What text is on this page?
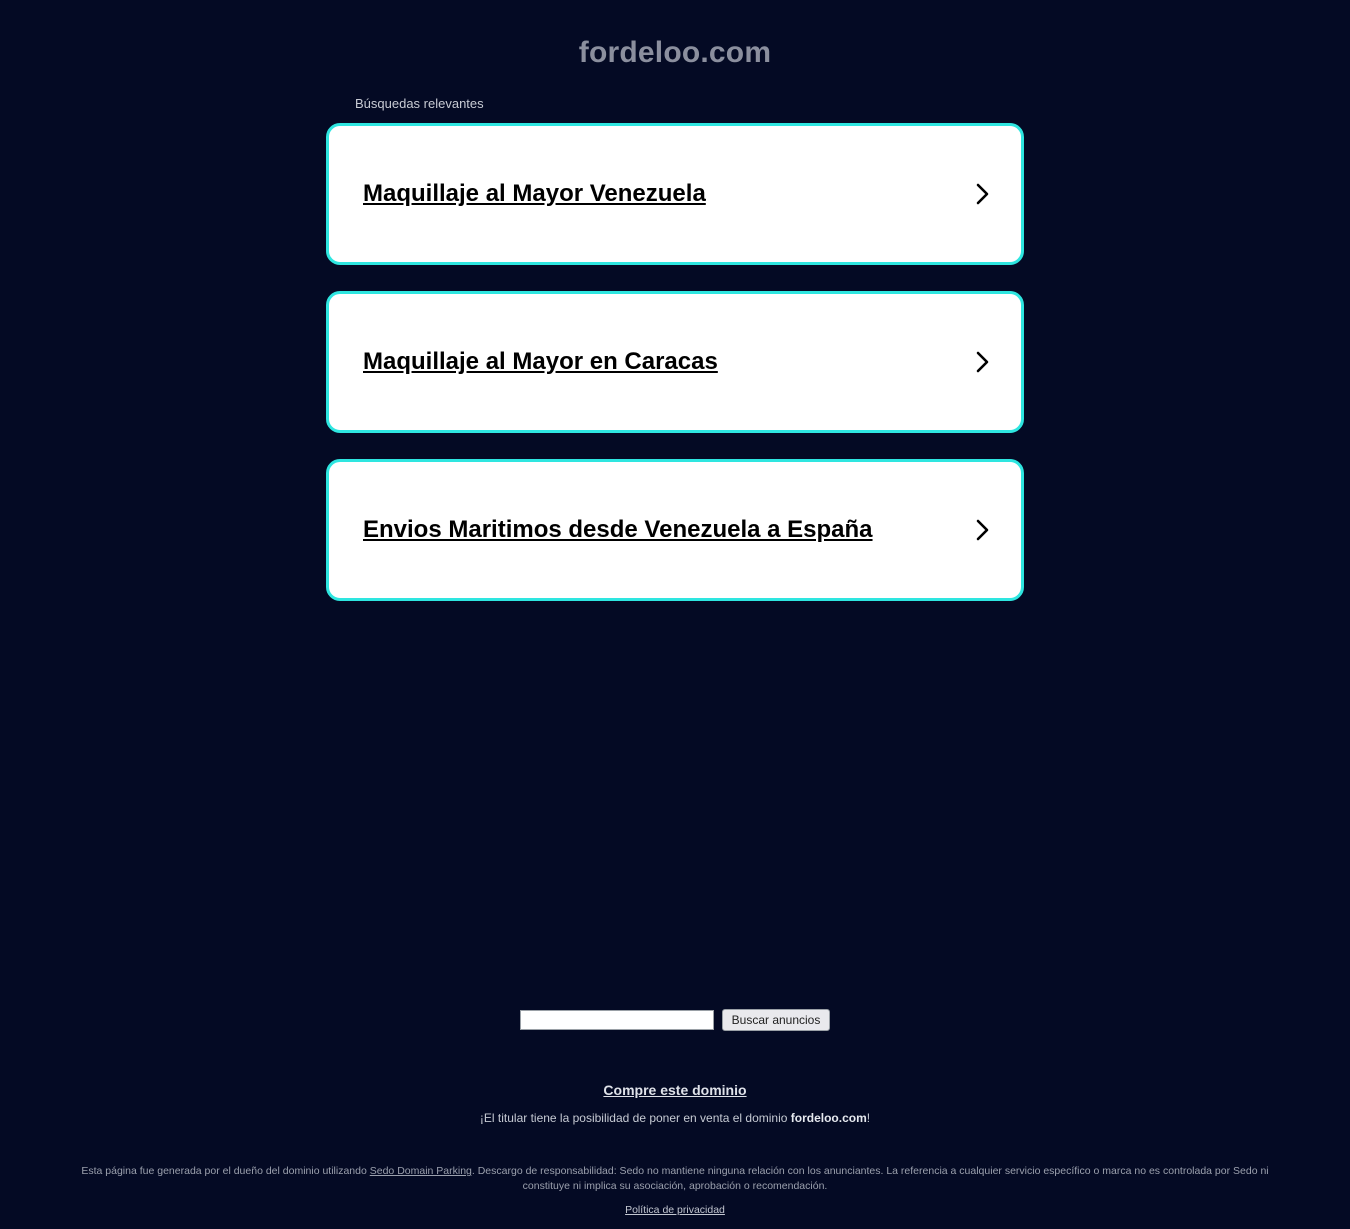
fordeloo.com
Búsquedas relevantes
Maquillaje al Mayor Venezuela
Maquillaje al Mayor en Caracas
Envios Maritimos desde Venezuela a España
Buscar anuncios
Compre este dominio
¡El titular tiene la posibilidad de poner en venta el dominio fordeloo.com!
Esta página fue generada por el dueño del dominio utilizando Sedo Domain Parking. Descargo de responsabilidad: Sedo no mantiene ninguna relación con los anunciantes. La referencia a cualquier servicio específico o marca no es controlada por Sedo ni constituye ni implica su asociación, aprobación o recomendación.
Política de privacidad
